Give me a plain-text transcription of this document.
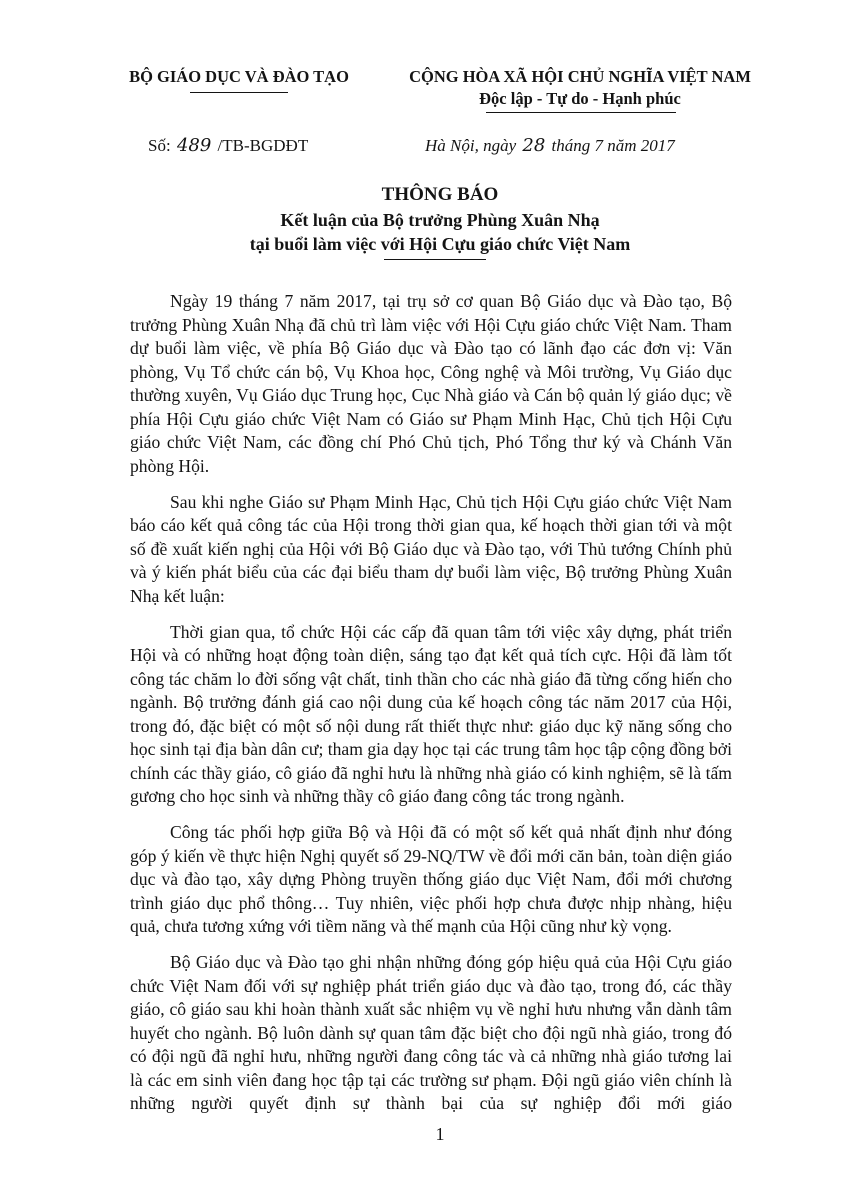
BỘ GIÁO DỤC VÀ ĐÀO TẠO	CỘNG HÒA XÃ HỘI CHỦ NGHĨA VIỆT NAM
Độc lập - Tự do - Hạnh phúc
Số: 489 /TB-BGDĐT	Hà Nội, ngày 28 tháng 7 năm 2017
THÔNG BÁO
Kết luận của Bộ trưởng Phùng Xuân Nhạ
tại buổi làm việc với Hội Cựu giáo chức Việt Nam

Ngày 19 tháng 7 năm 2017, tại trụ sở cơ quan Bộ Giáo dục và Đào tạo, Bộ trưởng Phùng Xuân Nhạ đã chủ trì làm việc với Hội Cựu giáo chức Việt Nam. Tham dự buổi làm việc, về phía Bộ Giáo dục và Đào tạo có lãnh đạo các đơn vị: Văn phòng, Vụ Tổ chức cán bộ, Vụ Khoa học, Công nghệ và Môi trường, Vụ Giáo dục thường xuyên, Vụ Giáo dục Trung học, Cục Nhà giáo và Cán bộ quản lý giáo dục; về phía Hội Cựu giáo chức Việt Nam có Giáo sư Phạm Minh Hạc, Chủ tịch Hội Cựu giáo chức Việt Nam, các đồng chí Phó Chủ tịch, Phó Tổng thư ký và Chánh Văn phòng Hội.

Sau khi nghe Giáo sư Phạm Minh Hạc, Chủ tịch Hội Cựu giáo chức Việt Nam báo cáo kết quả công tác của Hội trong thời gian qua, kế hoạch thời gian tới và một số đề xuất kiến nghị của Hội với Bộ Giáo dục và Đào tạo, với Thủ tướng Chính phủ và ý kiến phát biểu của các đại biểu tham dự buổi làm việc, Bộ trưởng Phùng Xuân Nhạ kết luận:

Thời gian qua, tổ chức Hội các cấp đã quan tâm tới việc xây dựng, phát triển Hội và có những hoạt động toàn diện, sáng tạo đạt kết quả tích cực. Hội đã làm tốt công tác chăm lo đời sống vật chất, tinh thần cho các nhà giáo đã từng cống hiến cho ngành. Bộ trưởng đánh giá cao nội dung của kế hoạch công tác năm 2017 của Hội, trong đó, đặc biệt có một số nội dung rất thiết thực như: giáo dục kỹ năng sống cho học sinh tại địa bàn dân cư; tham gia dạy học tại các trung tâm học tập cộng đồng bởi chính các thầy giáo, cô giáo đã nghỉ hưu là những nhà giáo có kinh nghiệm, sẽ là tấm gương cho học sinh và những thầy cô giáo đang công tác trong ngành.

Công tác phối hợp giữa Bộ và Hội đã có một số kết quả nhất định như đóng góp ý kiến về thực hiện Nghị quyết số 29-NQ/TW về đổi mới căn bản, toàn diện giáo dục và đào tạo, xây dựng Phòng truyền thống giáo dục Việt Nam, đổi mới chương trình giáo dục phổ thông… Tuy nhiên, việc phối hợp chưa được nhịp nhàng, hiệu quả, chưa tương xứng với tiềm năng và thế mạnh của Hội cũng như kỳ vọng.

Bộ Giáo dục và Đào tạo ghi nhận những đóng góp hiệu quả của Hội Cựu giáo chức Việt Nam đối với sự nghiệp phát triển giáo dục và đào tạo, trong đó, các thầy giáo, cô giáo sau khi hoàn thành xuất sắc nhiệm vụ về nghỉ hưu nhưng vẫn dành tâm huyết cho ngành. Bộ luôn dành sự quan tâm đặc biệt cho đội ngũ nhà giáo, trong đó có đội ngũ đã nghỉ hưu, những người đang công tác và cả những nhà giáo tương lai là các em sinh viên đang học tập tại các trường sư phạm. Đội ngũ giáo viên chính là những người quyết định sự thành bại của sự nghiệp đổi mới giáo

1
